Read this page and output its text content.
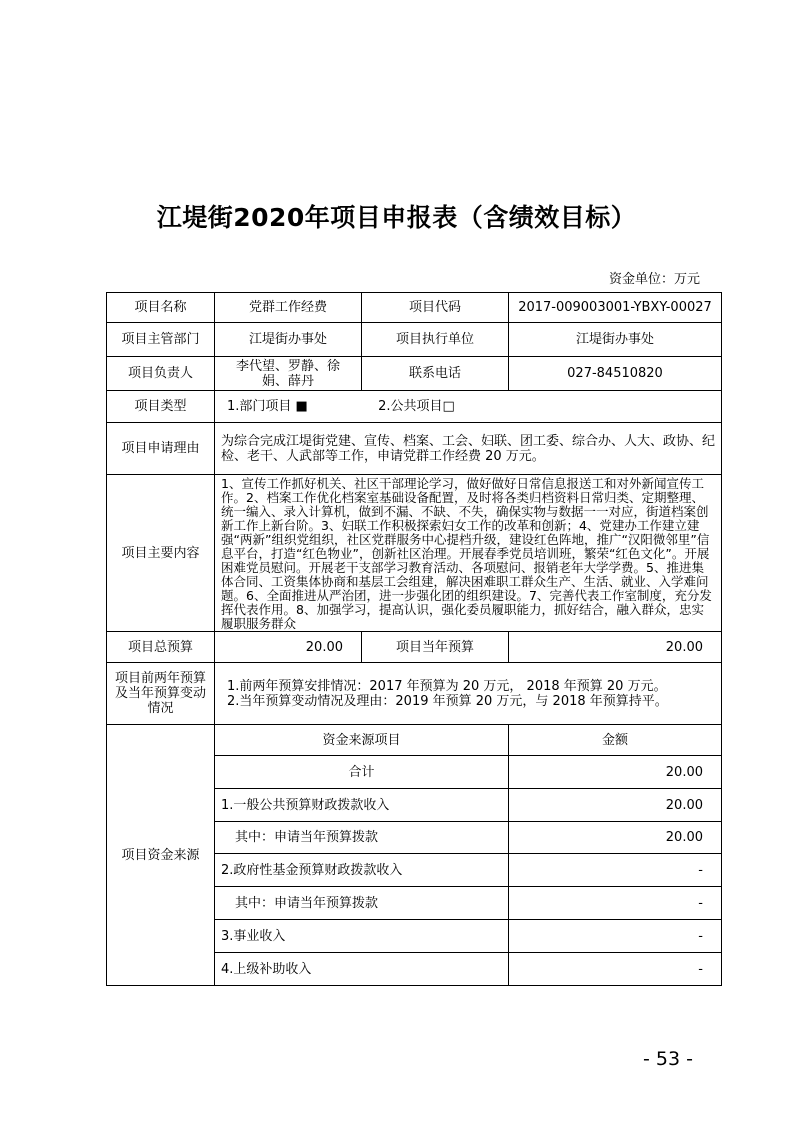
江堤街2020年项目申报表（含绩效目标）
资金单位：万元
项目名称	党群工作经费	项目代码	2017-009003001-YBXY-00027
项目主管部门	江堤街办事处	项目执行单位	江堤街办事处
项目负责人	李代望、罗静、徐娟、薛丹	联系电话	027-84510820
项目类型	1.部门项目 ■ 2.公共项目□		
项目申请理由	为综合完成江堤街党建、宣传、档案、工会、妇联、团工委、综合办、人大、政协、纪检、老干、人武部等工作，申请党群工作经费 20 万元。		
项目主要内容	1、宣传工作抓好机关、社区干部理论学习，做好做好日常信息报送工和对外新闻宣传工作。2、档案工作优化档案室基础设备配置，及时将各类归档资料日常归类、定期整理、统一编入、录入计算机，做到不漏、不缺、不失，确保实物与数据一一对应，街道档案创新工作上新台阶。3、妇联工作积极探索妇女工作的改革和创新；4、党建办工作建立建强“两新”组织党组织，社区党群服务中心提档升级，建设红色阵地，推广“汉阳微邻里”信息平台，打造“红色物业”，创新社区治理。开展春季党员培训班，繁荣“红色文化”。开展困难党员慰问。开展老干支部学习教育活动、各项慰问、报销老年大学学费。5、推进集体合同、工资集体协商和基层工会组建，解决困难职工群众生产、生活、就业、入学难问题。6、全面推进从严治团，进一步强化团的组织建设。7、完善代表工作室制度，充分发挥代表作用。8、加强学习，提高认识，强化委员履职能力，抓好结合，融入群众，忠实履职服务群众		
项目总预算	20.00	项目当年预算	20.00
项目前两年预算及当年预算变动情况	1.前两年预算安排情况：2017 年预算为 20 万元， 2018 年预算 20 万元。
2.当年预算变动情况及理由：2019 年预算 20 万元，与 2018 年预算持平。		

项目资金来源	资金来源项目		金额
	合计		20.00
	1.一般公共预算财政拨款收入		20.00
	其中：申请当年预算拨款		20.00
	2.政府性基金预算财政拨款收入		-
	其中：申请当年预算拨款		-
	3.事业收入		-
	4.上级补助收入		-
- 53 -
